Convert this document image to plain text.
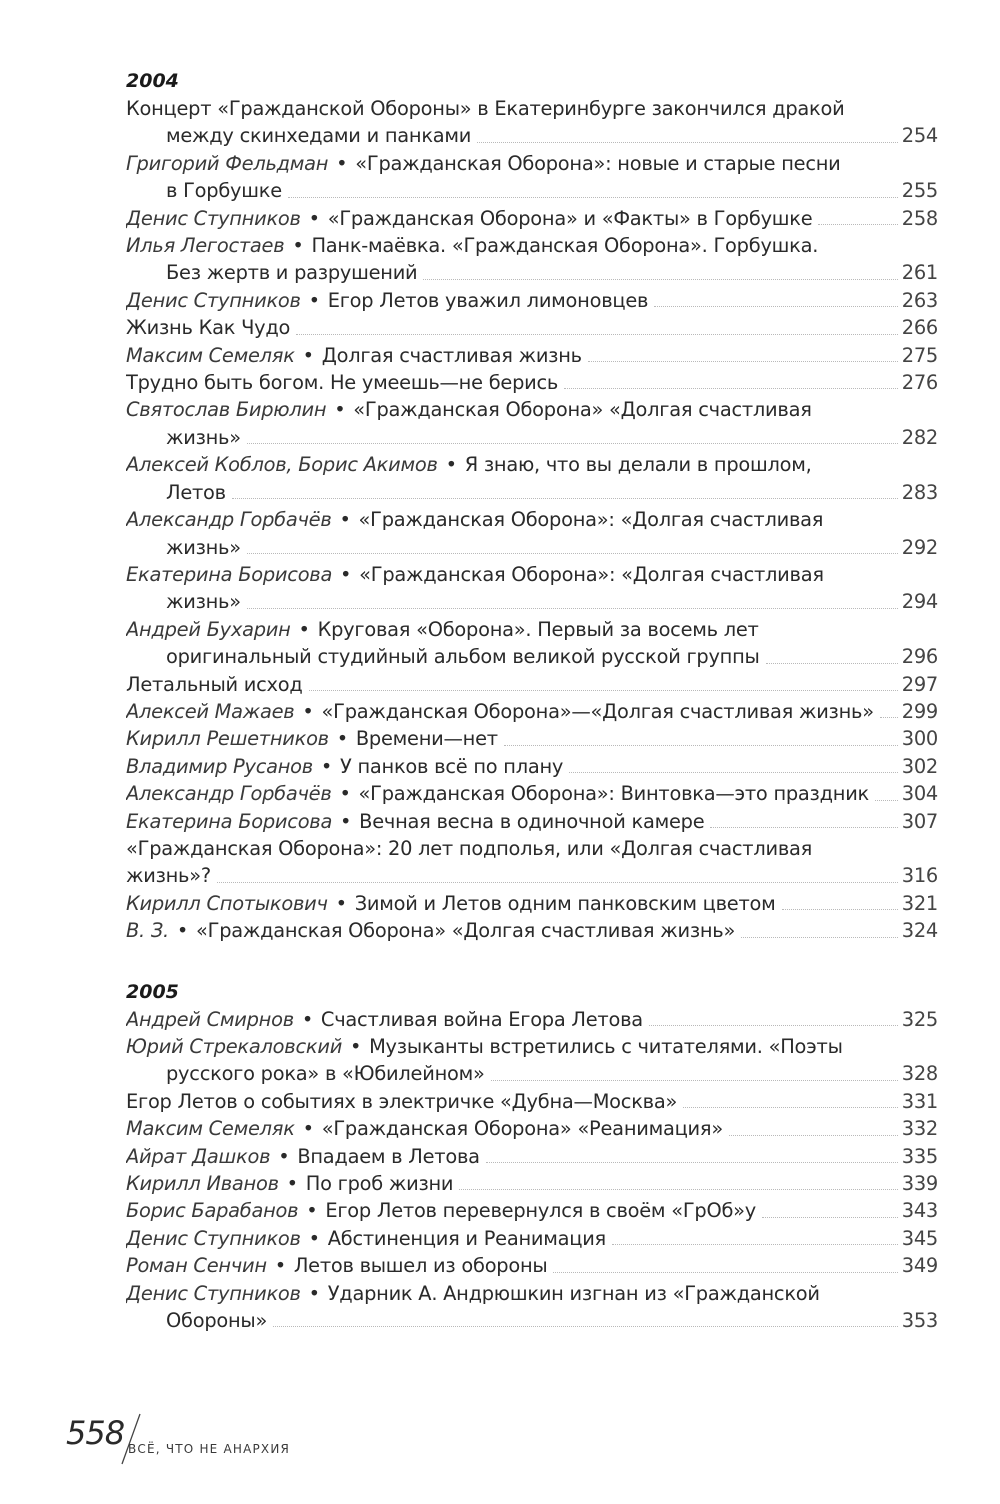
2004
Концерт «Гражданской Обороны» в Екатеринбурге закончился дракой
между скинхедами и панками	254
Григорий Фельдман • «Гражданская Оборона»: новые и старые песни
в Горбушке	255
Денис Ступников • «Гражданская Оборона» и «Факты» в Горбушке	258
Илья Легостаев • Панк-маёвка. «Гражданская Оборона». Горбушка.
Без жертв и разрушений	261
Денис Ступников • Егор Летов уважил лимоновцев	263
Жизнь Как Чудо	266
Максим Семеляк • Долгая счастливая жизнь	275
Трудно быть богом. Не умеешь—не берись	276
Святослав Бирюлин • «Гражданская Оборона» «Долгая счастливая
жизнь»	282
Алексей Коблов, Борис Акимов • Я знаю, что вы делали в прошлом,
Летов	283
Александр Горбачёв • «Гражданская Оборона»: «Долгая счастливая
жизнь»	292
Екатерина Борисова • «Гражданская Оборона»: «Долгая счастливая
жизнь»	294
Андрей Бухарин • Круговая «Оборона». Первый за восемь лет
оригинальный студийный альбом великой русской группы	296
Летальный исход	297
Алексей Мажаев • «Гражданская Оборона»—«Долгая счастливая жизнь» 299
Кирилл Решетников • Времени—нет	300
Владимир Русанов • У панков всё по плану	302
Александр Горбачёв • «Гражданская Оборона»: Винтовка—это праздник 304
Екатерина Борисова • Вечная весна в одиночной камере	307
«Гражданская Оборона»: 20 лет подполья, или «Долгая счастливая
жизнь»?	316
Кирилл Спотыкович • Зимой и Летов одним панковским цветом	321
В. З. • «Гражданская Оборона» «Долгая счастливая жизнь»	324
2005
Андрей Смирнов • Счастливая война Егора Летова	325
Юрий Стрекаловский • Музыканты встретились с читателями. «Поэты
русского рока» в «Юбилейном»	328
Егор Летов о событиях в электричке «Дубна—Москва»	331
Максим Семеляк • «Гражданская Оборона» «Реанимация»	332
Айрат Дашков • Впадаем в Летова	335
Кирилл Иванов • По гроб жизни	339
Борис Барабанов • Егор Летов перевернулся в своём «ГрОб»у	343
Денис Ступников • Абстиненция и Реанимация	345
Роман Сенчин • Летов вышел из обороны	349
Денис Ступников • Ударник А. Андрюшкин изгнан из «Гражданской
Обороны»	353
558 ВСЁ, ЧТО НЕ АНАРХИЯ
